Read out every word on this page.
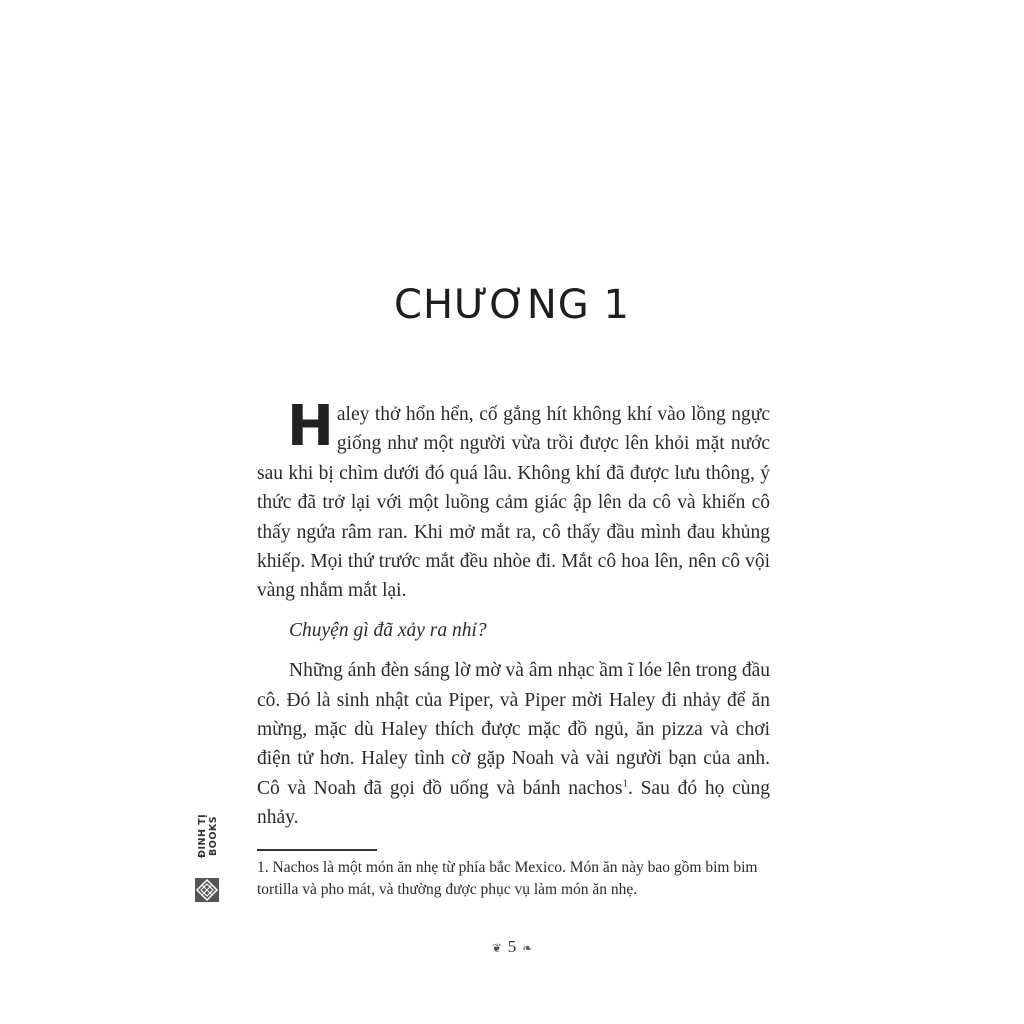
CHƯƠNG 1

Haley thở hổn hển, cố gắng hít không khí vào lồng ngực giống như một người vừa trồi được lên khỏi mặt nước sau khi bị chìm dưới đó quá lâu. Không khí đã được lưu thông, ý thức đã trở lại với một luồng cảm giác ập lên da cô và khiến cô thấy ngứa râm ran. Khi mở mắt ra, cô thấy đầu mình đau khủng khiếp. Mọi thứ trước mắt đều nhòe đi. Mắt cô hoa lên, nên cô vội vàng nhắm mắt lại.

Chuyện gì đã xảy ra nhỉ?

Những ánh đèn sáng lờ mờ và âm nhạc ầm ĩ lóe lên trong đầu cô. Đó là sinh nhật của Piper, và Piper mời Haley đi nhảy để ăn mừng, mặc dù Haley thích được mặc đồ ngủ, ăn pizza và chơi điện tử hơn. Haley tình cờ gặp Noah và vài người bạn của anh. Cô và Noah đã gọi đồ uống và bánh nachos$^1$. Sau đó họ cùng nhảy.

1. Nachos là một món ăn nhẹ từ phía bắc Mexico. Món ăn này bao gồm bim bim tortilla và pho mát, và thường được phục vụ làm món ăn nhẹ.

❦ 5 ❧
ĐINH TỊ BOOKS
